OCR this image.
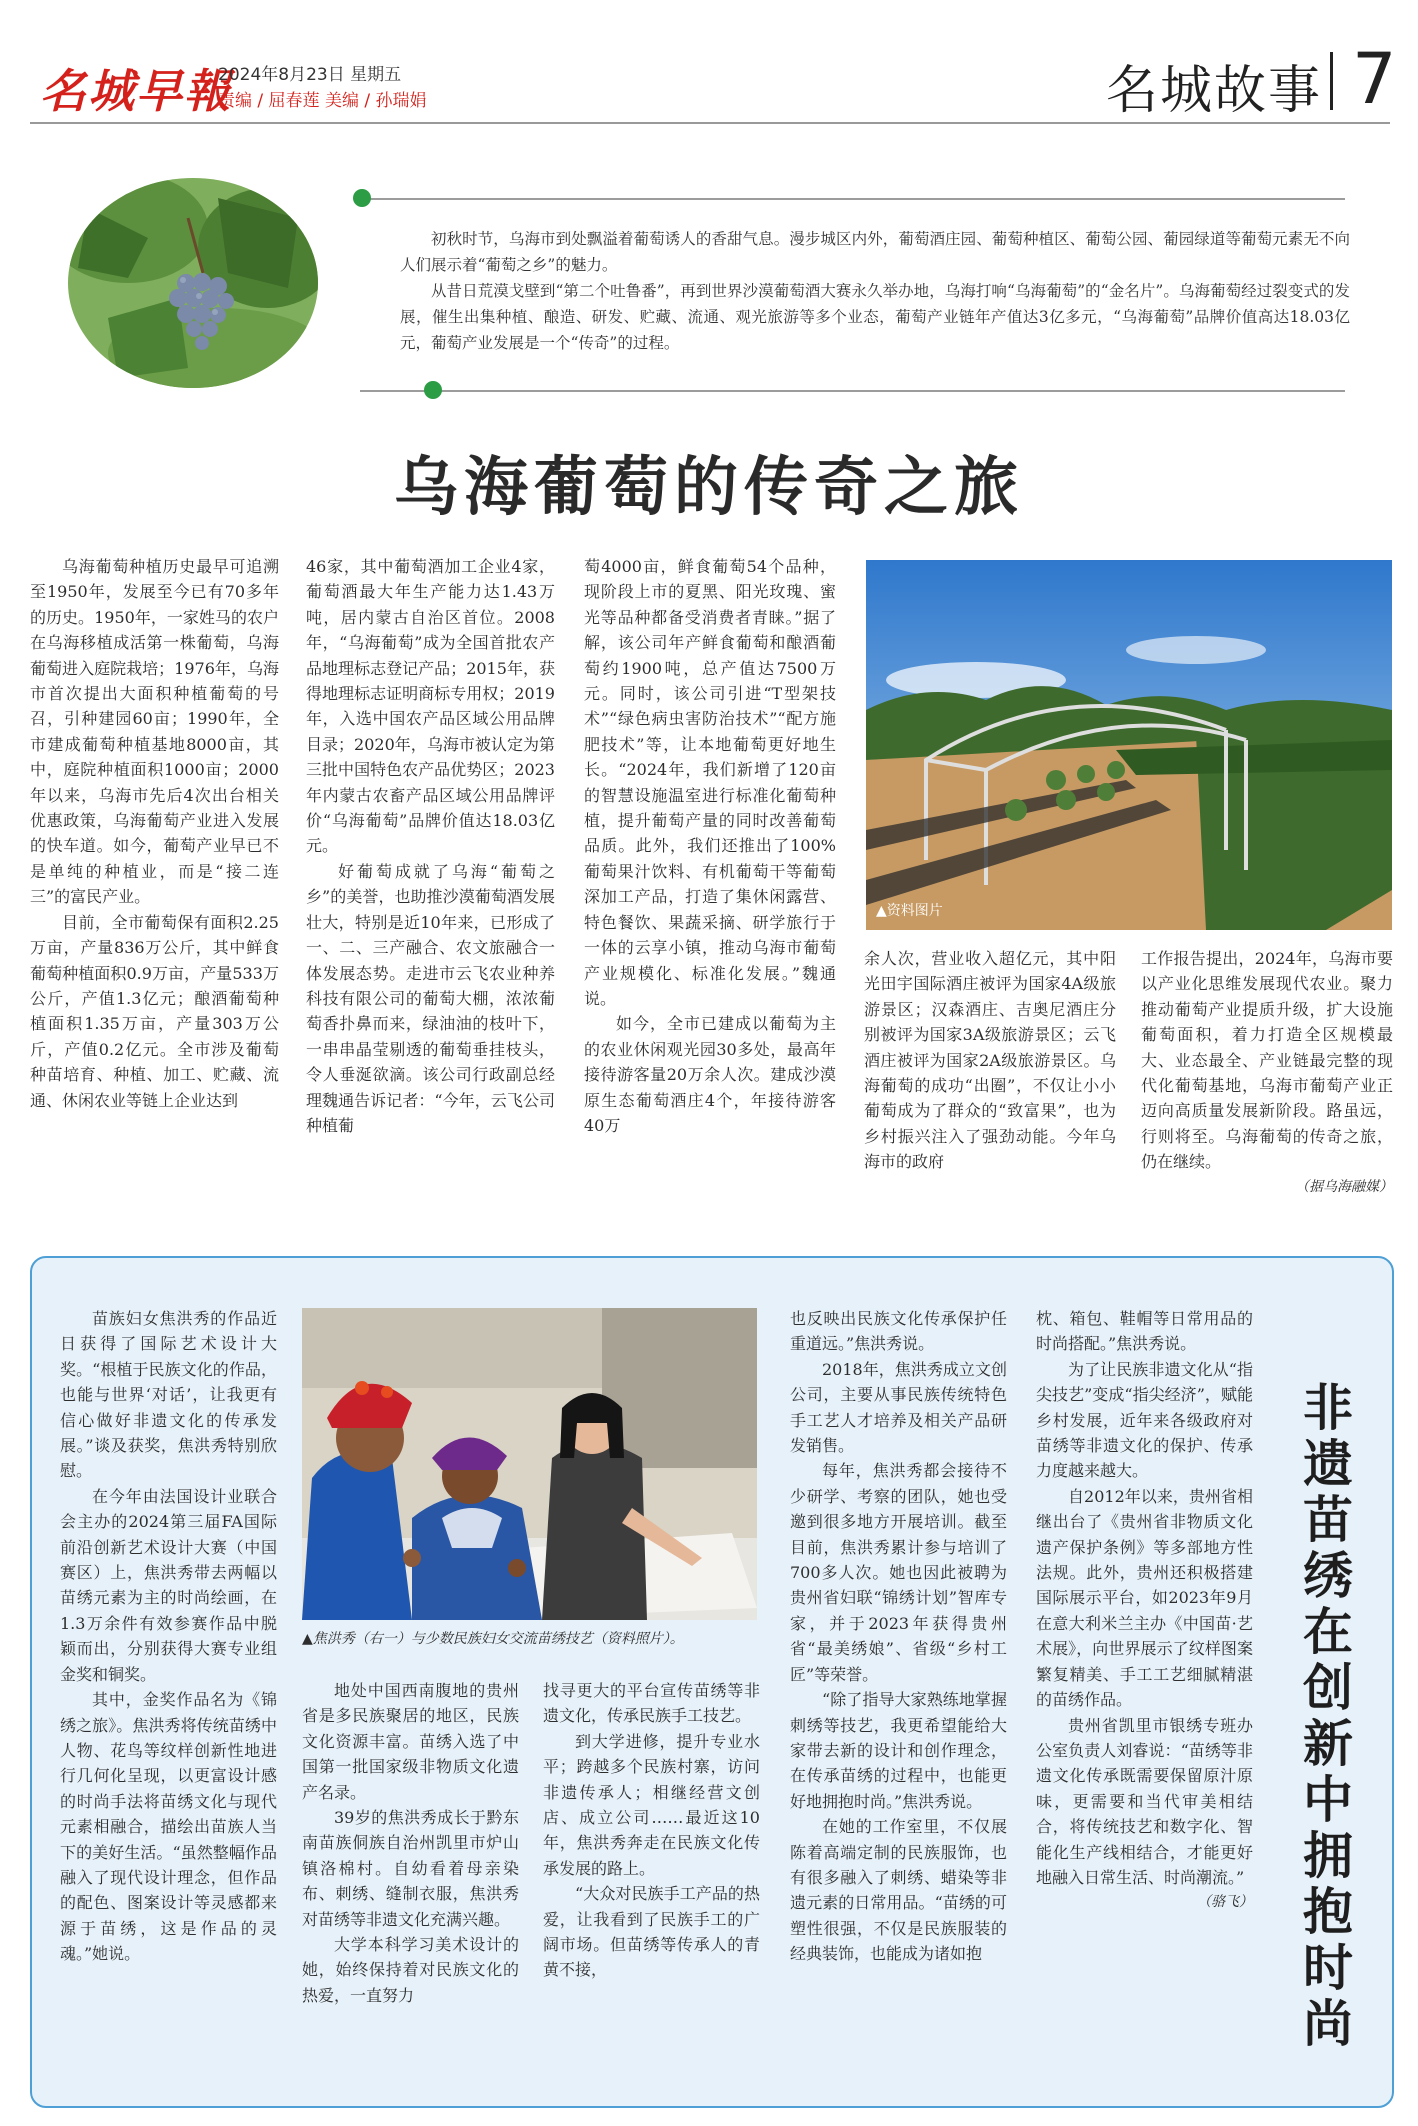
名城早報
2024年8月23日 星期五
责编 / 屈春莲 美编 / 孙瑞娟	名城故事 7

初秋时节，乌海市到处飘溢着葡萄诱人的香甜气息。漫步城区内外，葡萄酒庄园、葡萄种植区、葡萄公园、葡园绿道等葡萄元素无不向人们展示着“葡萄之乡”的魅力。

从昔日荒漠戈壁到“第二个吐鲁番”，再到世界沙漠葡萄酒大赛永久举办地，乌海打响“乌海葡萄”的“金名片”。乌海葡萄经过裂变式的发展，催生出集种植、酿造、研发、贮藏、流通、观光旅游等多个业态，葡萄产业链年产值达3亿多元，“乌海葡萄”品牌价值高达18.03亿元，葡萄产业发展是一个“传奇”的过程。

乌海葡萄的传奇之旅

乌海葡萄种植历史最早可追溯至1950年，发展至今已有70多年的历史。1950年，一家姓马的农户在乌海移植成活第一株葡萄，乌海葡萄进入庭院栽培；1976年，乌海市首次提出大面积种植葡萄的号召，引种建园60亩；1990年，全市建成葡萄种植基地8000亩，其中，庭院种植面积1000亩；2000年以来，乌海市先后4次出台相关优惠政策，乌海葡萄产业进入发展的快车道。如今，葡萄产业早已不是单纯的种植业，而是“接二连三”的富民产业。

目前，全市葡萄保有面积2.25万亩，产量836万公斤，其中鲜食葡萄种植面积0.9万亩，产量533万公斤，产值1.3亿元；酿酒葡萄种植面积1.35万亩，产量303万公斤，产值0.2亿元。全市涉及葡萄种苗培育、种植、加工、贮藏、流通、休闲农业等链上企业达到

46家，其中葡萄酒加工企业4家，葡萄酒最大年生产能力达1.43万吨，居内蒙古自治区首位。2008年，“乌海葡萄”成为全国首批农产品地理标志登记产品；2015年，获得地理标志证明商标专用权；2019年，入选中国农产品区域公用品牌目录；2020年，乌海市被认定为第三批中国特色农产品优势区；2023年内蒙古农畜产品区域公用品牌评价“乌海葡萄”品牌价值达18.03亿元。

好葡萄成就了乌海“葡萄之乡”的美誉，也助推沙漠葡萄酒发展壮大，特别是近10年来，已形成了一、二、三产融合、农文旅融合一体发展态势。走进市云飞农业种养科技有限公司的葡萄大棚，浓浓葡萄香扑鼻而来，绿油油的枝叶下，一串串晶莹剔透的葡萄垂挂枝头，令人垂涎欲滴。该公司行政副总经理魏通告诉记者：“今年，云飞公司种植葡

萄4000亩，鲜食葡萄54个品种，现阶段上市的夏黑、阳光玫瑰、蜜光等品种都备受消费者青睐。”据了解，该公司年产鲜食葡萄和酿酒葡萄约1900吨，总产值达7500万元。同时，该公司引进“T型架技术”“绿色病虫害防治技术”“配方施肥技术”等，让本地葡萄更好地生长。“2024年，我们新增了120亩的智慧设施温室进行标准化葡萄种植，提升葡萄产量的同时改善葡萄品质。此外，我们还推出了100%葡萄果汁饮料、有机葡萄干等葡萄深加工产品，打造了集休闲露营、特色餐饮、果蔬采摘、研学旅行于一体的云享小镇，推动乌海市葡萄产业规模化、标准化发展。”魏通说。

如今，全市已建成以葡萄为主的农业休闲观光园30多处，最高年接待游客量20万余人次。建成沙漠原生态葡萄酒庄4个，年接待游客40万

▲资料图片

余人次，营业收入超亿元，其中阳光田宇国际酒庄被评为国家4A级旅游景区；汉森酒庄、吉奥尼酒庄分别被评为国家3A级旅游景区；云飞酒庄被评为国家2A级旅游景区。乌海葡萄的成功“出圈”，不仅让小小葡萄成为了群众的“致富果”，也为乡村振兴注入了强劲动能。今年乌海市的政府

工作报告提出，2024年，乌海市要以产业化思维发展现代农业。聚力推动葡萄产业提质升级，扩大设施葡萄面积，着力打造全区规模最大、业态最全、产业链最完整的现代化葡萄基地，乌海市葡萄产业正迈向高质量发展新阶段。路虽远，行则将至。乌海葡萄的传奇之旅，仍在继续。

（据乌海融媒）

苗族妇女焦洪秀的作品近日获得了国际艺术设计大奖。“根植于民族文化的作品，也能与世界‘对话’，让我更有信心做好非遗文化的传承发展。”谈及获奖，焦洪秀特别欣慰。

在今年由法国设计业联合会主办的2024第三届FA国际前沿创新艺术设计大赛（中国赛区）上，焦洪秀带去两幅以苗绣元素为主的时尚绘画，在1.3万余件有效参赛作品中脱颖而出，分别获得大赛专业组金奖和铜奖。

其中，金奖作品名为《锦绣之旅》。焦洪秀将传统苗绣中人物、花鸟等纹样创新性地进行几何化呈现，以更富设计感的时尚手法将苗绣文化与现代元素相融合，描绘出苗族人当下的美好生活。“虽然整幅作品融入了现代设计理念，但作品的配色、图案设计等灵感都来源于苗绣，这是作品的灵魂。”她说。

▲焦洪秀（右一）与少数民族妇女交流苗绣技艺（资料照片）。

地处中国西南腹地的贵州省是多民族聚居的地区，民族文化资源丰富。苗绣入选了中国第一批国家级非物质文化遗产名录。

39岁的焦洪秀成长于黔东南苗族侗族自治州凯里市炉山镇洛棉村。自幼看着母亲染布、刺绣、缝制衣服，焦洪秀对苗绣等非遗文化充满兴趣。

大学本科学习美术设计的她，始终保持着对民族文化的热爱，一直努力

找寻更大的平台宣传苗绣等非遗文化，传承民族手工技艺。

到大学进修，提升专业水平；跨越多个民族村寨，访问非遗传承人；相继经营文创店、成立公司……最近这10年，焦洪秀奔走在民族文化传承发展的路上。

“大众对民族手工产品的热爱，让我看到了民族手工的广阔市场。但苗绣等传承人的青黄不接，

也反映出民族文化传承保护任重道远。”焦洪秀说。

2018年，焦洪秀成立文创公司，主要从事民族传统特色手工艺人才培养及相关产品研发销售。

每年，焦洪秀都会接待不少研学、考察的团队，她也受邀到很多地方开展培训。截至目前，焦洪秀累计参与培训了700多人次。她也因此被聘为贵州省妇联“锦绣计划”智库专家，并于2023年获得贵州省“最美绣娘”、省级“乡村工匠”等荣誉。

“除了指导大家熟练地掌握刺绣等技艺，我更希望能给大家带去新的设计和创作理念，在传承苗绣的过程中，也能更好地拥抱时尚。”焦洪秀说。

在她的工作室里，不仅展陈着高端定制的民族服饰，也有很多融入了刺绣、蜡染等非遗元素的日常用品。“苗绣的可塑性很强，不仅是民族服装的经典装饰，也能成为诸如抱

枕、箱包、鞋帽等日常用品的时尚搭配。”焦洪秀说。

为了让民族非遗文化从“指尖技艺”变成“指尖经济”，赋能乡村发展，近年来各级政府对苗绣等非遗文化的保护、传承力度越来越大。

自2012年以来，贵州省相继出台了《贵州省非物质文化遗产保护条例》等多部地方性法规。此外，贵州还积极搭建国际展示平台，如2023年9月在意大利米兰主办《中国苗·艺术展》，向世界展示了纹样图案繁复精美、手工工艺细腻精湛的苗绣作品。

贵州省凯里市银绣专班办公室负责人刘睿说：“苗绣等非遗文化传承既需要保留原汁原味，更需要和当代审美相结合，将传统技艺和数字化、智能化生产线相结合，才能更好地融入日常生活、时尚潮流。”

（骆飞）
非遗苗绣在创新中拥抱时尚
